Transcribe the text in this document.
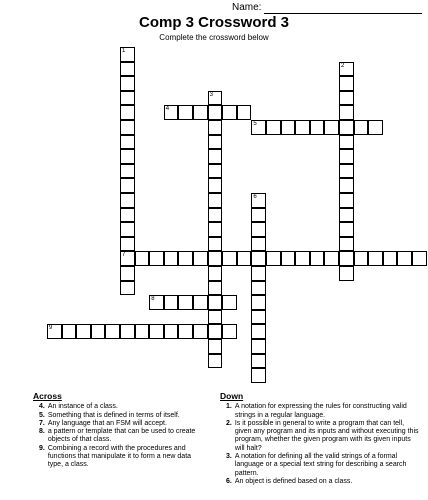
Name:
Comp 3 Crossword 3
Complete the crossword below
1
7
2
3
4
5
6
8
9
Across
4. An instance of a class.
5. Something that is defined in terms of itself.
7. Any language that an FSM will accept.
8. a pattern or template that can be used to create objects of that class.
9. Combining a record with the procedures and functions that manipulate it to form a new data type, a class.
Down
1. A notation for expressing the rules for constructing valid strings in a regular language.
2. Is it possible in general to write a program that can tell, given any program and its inputs and without executing this program, whether the given program with its given inputs will halt?
3. A notation for defining all the valid strings of a formal language or a special text string for describing a search pattern.
6. An object is defined based on a class.
